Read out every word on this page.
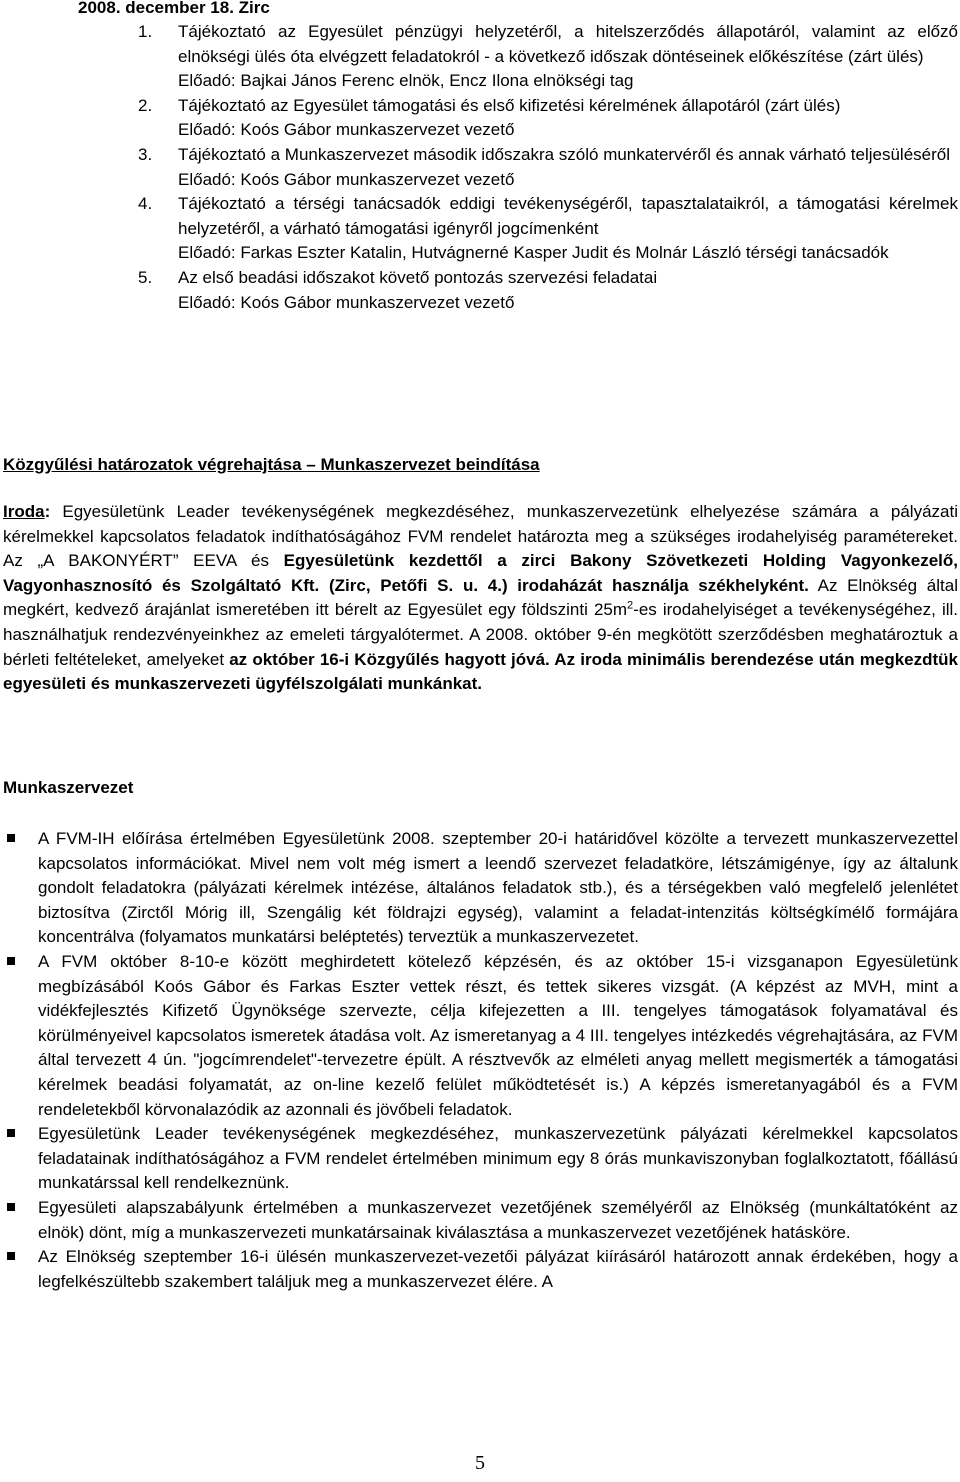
2008. december 18. Zirc
1. Tájékoztató az Egyesület pénzügyi helyzetéről, a hitelszerződés állapotáról, valamint az előző elnökségi ülés óta elvégzett feladatokról - a következő időszak döntéseinek előkészítése (zárt ülés)
Előadó: Bajkai János Ferenc elnök, Encz Ilona elnökségi tag
2. Tájékoztató az Egyesület támogatási és első kifizetési kérelmének állapotáról (zárt ülés)
Előadó: Koós Gábor munkaszervezet vezető
3. Tájékoztató a Munkaszervezet második időszakra szóló munkatervéről és annak várható teljesüléséről
Előadó: Koós Gábor munkaszervezet vezető
4. Tájékoztató a térségi tanácsadók eddigi tevékenységéről, tapasztalataikról, a támogatási kérelmek helyzetéről, a várható támogatási igényről jogcímenként
Előadó: Farkas Eszter Katalin, Hutvágnerné Kasper Judit és Molnár László térségi tanácsadók
5. Az első beadási időszakot követő pontozás szervezési feladatai
Előadó: Koós Gábor munkaszervezet vezető
Közgyűlési határozatok végrehajtása – Munkaszervezet beindítása

Iroda: Egyesületünk Leader tevékenységének megkezdéséhez, munkaszervezetünk elhelyezése számára a pályázati kérelmekkel kapcsolatos feladatok indíthatóságához FVM rendelet határozta meg a szükséges irodahelyiség paramétereket. Az „A BAKONYÉRT” EEVA és Egyesületünk kezdettől a zirci Bakony Szövetkezeti Holding Vagyonkezelő, Vagyonhasznosító és Szolgáltató Kft. (Zirc, Petőfi S. u. 4.) irodaházát használja székhelyként. Az Elnökség által megkért, kedvező árajánlat ismeretében itt bérelt az Egyesület egy földszinti $25m^2-es$ irodahelyiséget a tevékenységéhez, ill. használhatjuk rendezvényeinkhez az emeleti tárgyalótermet. A 2008. október 9-én megkötött szerződésben meghatároztuk a bérleti feltételeket, amelyeket az október 16-i Közgyűlés hagyott jóvá. Az iroda minimális berendezése után megkezdtük egyesületi és munkaszervezeti ügyfélszolgálati munkánkat.

Munkaszervezet
A FVM-IH előírása értelmében Egyesületünk 2008. szeptember 20-i határidővel közölte a tervezett munkaszervezettel kapcsolatos információkat. Mivel nem volt még ismert a leendő szervezet feladatköre, létszámigénye, így az általunk gondolt feladatokra (pályázati kérelmek intézése, általános feladatok stb.), és a térségekben való megfelelő jelenlétet biztosítva (Zirctől Mórig ill, Szengálig két földrajzi egység), valamint a feladat-intenzitás költségkímélő formájára koncentrálva (folyamatos munkatársi beléptetés) terveztük a munkaszervezetet.
A FVM október 8-10-e között meghirdetett kötelező képzésén, és az október 15-i vizsganapon Egyesületünk megbízásából Koós Gábor és Farkas Eszter vettek részt, és tettek sikeres vizsgát. (A képzést az MVH, mint a vidékfejlesztés Kifizető Ügynöksége szervezte, célja kifejezetten a III. tengelyes támogatások folyamatával és körülményeivel kapcsolatos ismeretek átadása volt. Az ismeretanyag a 4 III. tengelyes intézkedés végrehajtására, az FVM által tervezett 4 ún. "jogcímrendelet"-tervezetre épült. A résztvevők az elméleti anyag mellett megismerték a támogatási kérelmek beadási folyamatát, az on-line kezelő felület működtetését is.) A képzés ismeretanyagából és a FVM rendeletekből körvonalazódik az azonnali és jövőbeli feladatok.
Egyesületünk Leader tevékenységének megkezdéséhez, munkaszervezetünk pályázati kérelmekkel kapcsolatos feladatainak indíthatóságához a FVM rendelet értelmében minimum egy 8 órás munkaviszonyban foglalkoztatott, főállású munkatárssal kell rendelkeznünk.
Egyesületi alapszabályunk értelmében a munkaszervezet vezetőjének személyéről az Elnökség (munkáltatóként az elnök) dönt, míg a munkaszervezeti munkatársainak kiválasztása a munkaszervezet vezetőjének hatásköre.
Az Elnökség szeptember 16-i ülésén munkaszervezet-vezetői pályázat kiírásáról határozott annak érdekében, hogy a legfelkészültebb szakembert találjuk meg a munkaszervezet élére. A
5
